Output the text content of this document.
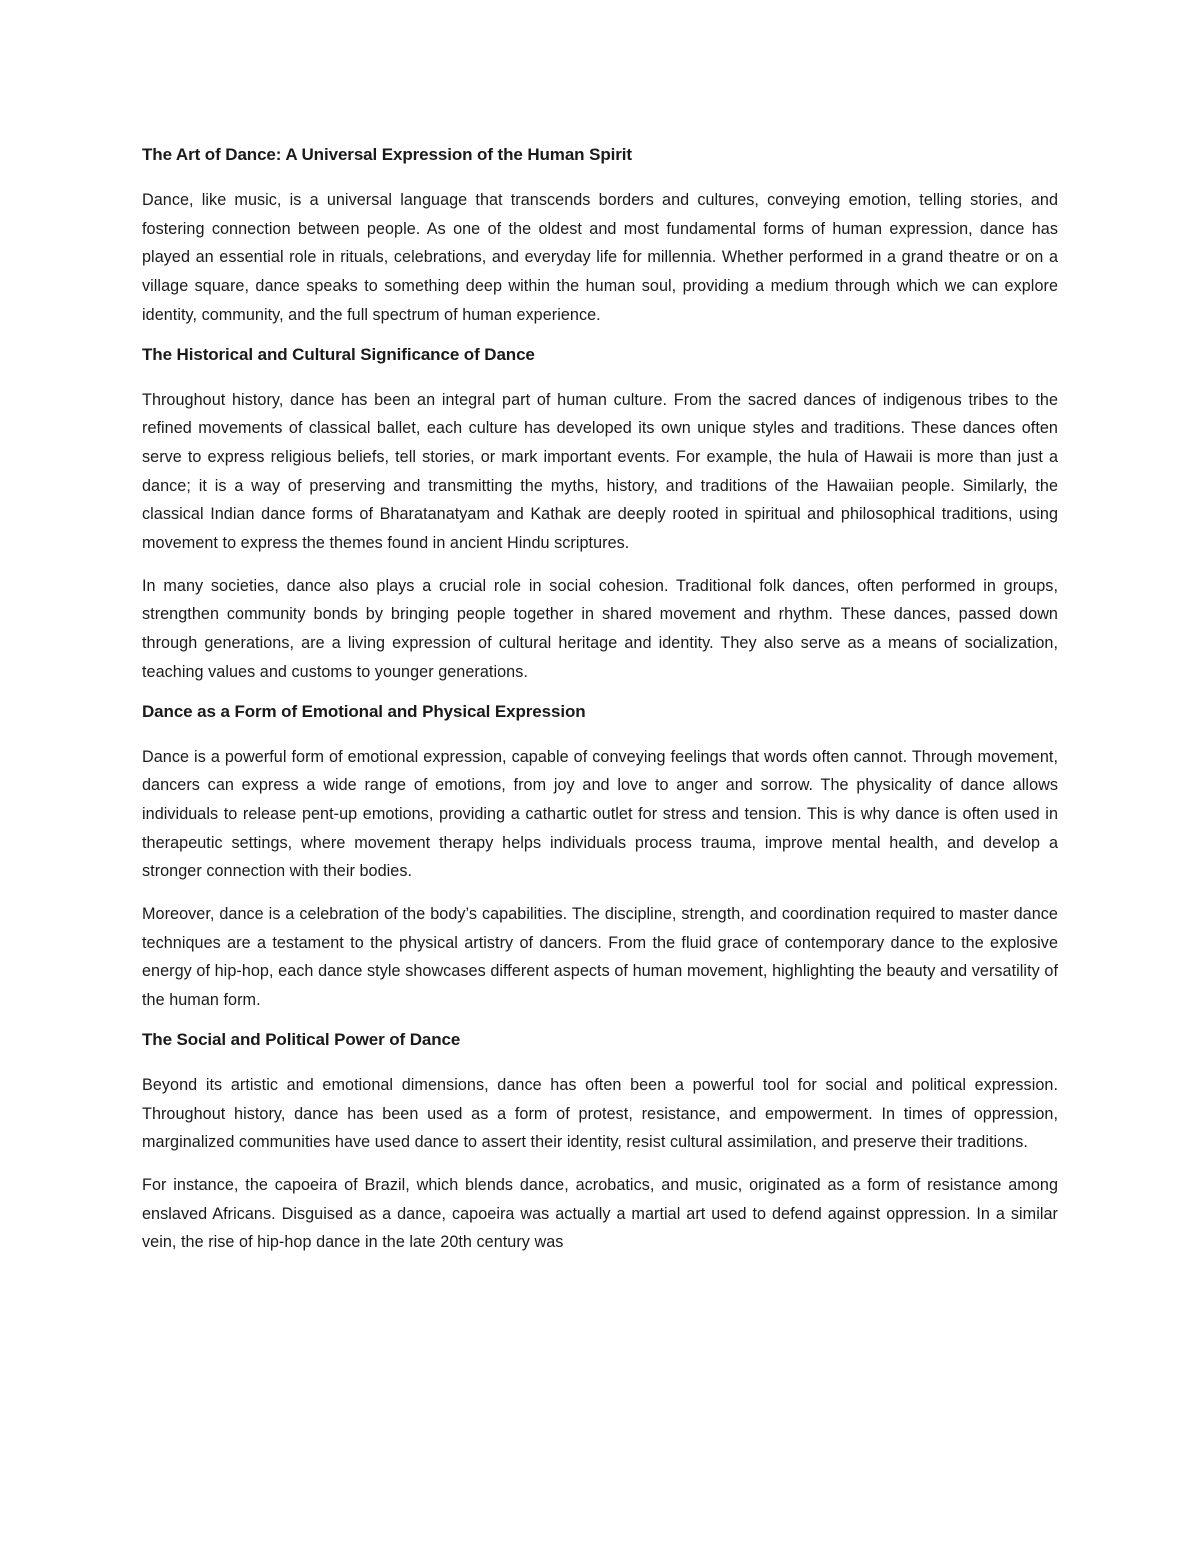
The Art of Dance: A Universal Expression of the Human Spirit

Dance, like music, is a universal language that transcends borders and cultures, conveying emotion, telling stories, and fostering connection between people. As one of the oldest and most fundamental forms of human expression, dance has played an essential role in rituals, celebrations, and everyday life for millennia. Whether performed in a grand theatre or on a village square, dance speaks to something deep within the human soul, providing a medium through which we can explore identity, community, and the full spectrum of human experience.

The Historical and Cultural Significance of Dance

Throughout history, dance has been an integral part of human culture. From the sacred dances of indigenous tribes to the refined movements of classical ballet, each culture has developed its own unique styles and traditions. These dances often serve to express religious beliefs, tell stories, or mark important events. For example, the hula of Hawaii is more than just a dance; it is a way of preserving and transmitting the myths, history, and traditions of the Hawaiian people. Similarly, the classical Indian dance forms of Bharatanatyam and Kathak are deeply rooted in spiritual and philosophical traditions, using movement to express the themes found in ancient Hindu scriptures.

In many societies, dance also plays a crucial role in social cohesion. Traditional folk dances, often performed in groups, strengthen community bonds by bringing people together in shared movement and rhythm. These dances, passed down through generations, are a living expression of cultural heritage and identity. They also serve as a means of socialization, teaching values and customs to younger generations.

Dance as a Form of Emotional and Physical Expression

Dance is a powerful form of emotional expression, capable of conveying feelings that words often cannot. Through movement, dancers can express a wide range of emotions, from joy and love to anger and sorrow. The physicality of dance allows individuals to release pent-up emotions, providing a cathartic outlet for stress and tension. This is why dance is often used in therapeutic settings, where movement therapy helps individuals process trauma, improve mental health, and develop a stronger connection with their bodies.

Moreover, dance is a celebration of the body’s capabilities. The discipline, strength, and coordination required to master dance techniques are a testament to the physical artistry of dancers. From the fluid grace of contemporary dance to the explosive energy of hip-hop, each dance style showcases different aspects of human movement, highlighting the beauty and versatility of the human form.

The Social and Political Power of Dance

Beyond its artistic and emotional dimensions, dance has often been a powerful tool for social and political expression. Throughout history, dance has been used as a form of protest, resistance, and empowerment. In times of oppression, marginalized communities have used dance to assert their identity, resist cultural assimilation, and preserve their traditions.

For instance, the capoeira of Brazil, which blends dance, acrobatics, and music, originated as a form of resistance among enslaved Africans. Disguised as a dance, capoeira was actually a martial art used to defend against oppression. In a similar vein, the rise of hip-hop dance in the late 20th century was
